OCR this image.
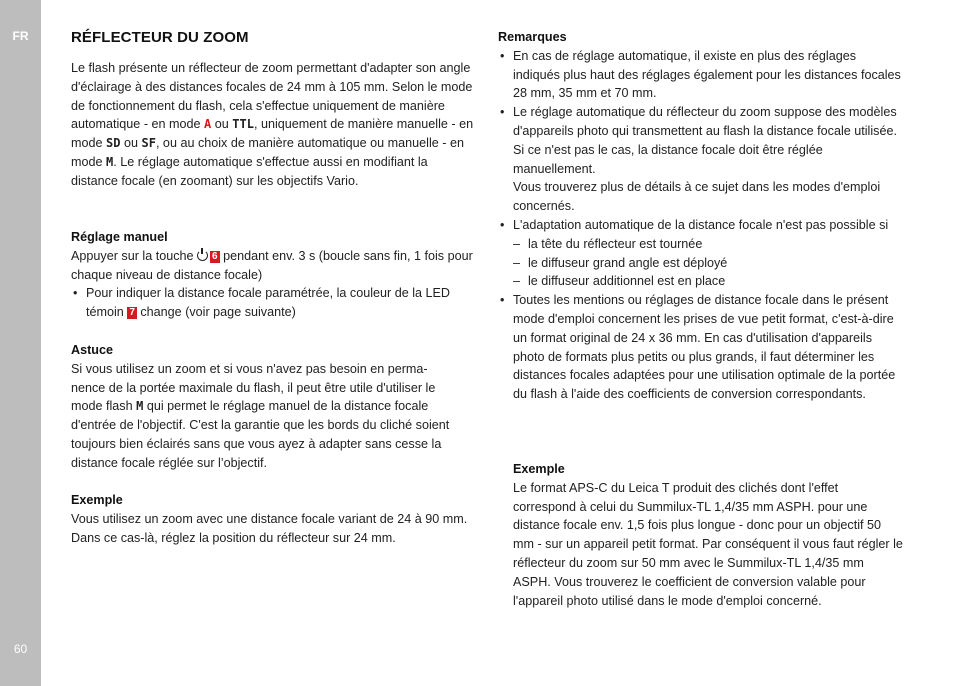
FR
60
RÉFLECTEUR DU ZOOM

Le flash présente un réflecteur de zoom permettant d'adapter son angle d'éclairage à des distances focales de 24 mm à 105 mm. Selon le mode de fonctionnement du flash, cela s'effectue uniquement de manière automatique - en mode A ou TTL, uniquement de manière manuelle - en mode SD ou SF, ou au choix de manière automatique ou manuelle - en mode M. Le réglage automatique s'effectue aussi en modifiant la distance focale (en zoomant) sur les objectifs Vario.

Réglage manuel

Appuyer sur la touche 6 pendant env. 3 s (boucle sans fin, 1 fois pour chaque niveau de distance focale)

• Pour indiquer la distance focale paramétrée, la couleur de la LED témoin 7 change (voir page suivante)

Astuce

Si vous utilisez un zoom et si vous n'avez pas besoin en perma-nence de la portée maximale du flash, il peut être utile d'utiliser le mode flash M qui permet le réglage manuel de la distance focale d'entrée de l'objectif. C'est la garantie que les bords du cliché soient toujours bien éclairés sans que vous ayez à adapter sans cesse la distance focale réglée sur l’objectif.

Exemple

Vous utilisez un zoom avec une distance focale variant de 24 à 90 mm. Dans ce cas-là, réglez la position du réflecteur sur 24 mm.

Remarques

• En cas de réglage automatique, il existe en plus des réglages indiqués plus haut des réglages également pour les distances focales 28 mm, 35 mm et 70 mm.
• Le réglage automatique du réflecteur du zoom suppose des modèles d'appareils photo qui transmettent au flash la distance focale utilisée. Si ce n'est pas le cas, la distance focale doit être réglée manuellement.
Vous trouverez plus de détails à ce sujet dans les modes d'emploi concernés.
• L'adaptation automatique de la distance focale n'est pas possible si
– la tête du réflecteur est tournée
– le diffuseur grand angle est déployé
– le diffuseur additionnel est en place
• Toutes les mentions ou réglages de distance focale dans le présent mode d'emploi concernent les prises de vue petit format, c'est-à-dire un format original de 24 x 36 mm. En cas d'utilisation d'appareils photo de formats plus petits ou plus grands, il faut déterminer les distances focales adaptées pour une utilisation optimale de la portée du flash à l'aide des coefficients de conversion correspondants.

Exemple

Le format APS-C du Leica T produit des clichés dont l'effet correspond à celui du Summilux-TL 1,4/35 mm ASPH. pour une distance focale env. 1,5 fois plus longue - donc pour un objectif 50 mm - sur un appareil petit format. Par conséquent il vous faut régler le réflecteur du zoom sur 50 mm avec le Summilux-TL 1,4/35 mm ASPH. Vous trouverez le coefficient de conversion valable pour l'appareil photo utilisé dans le mode d'emploi concerné.
